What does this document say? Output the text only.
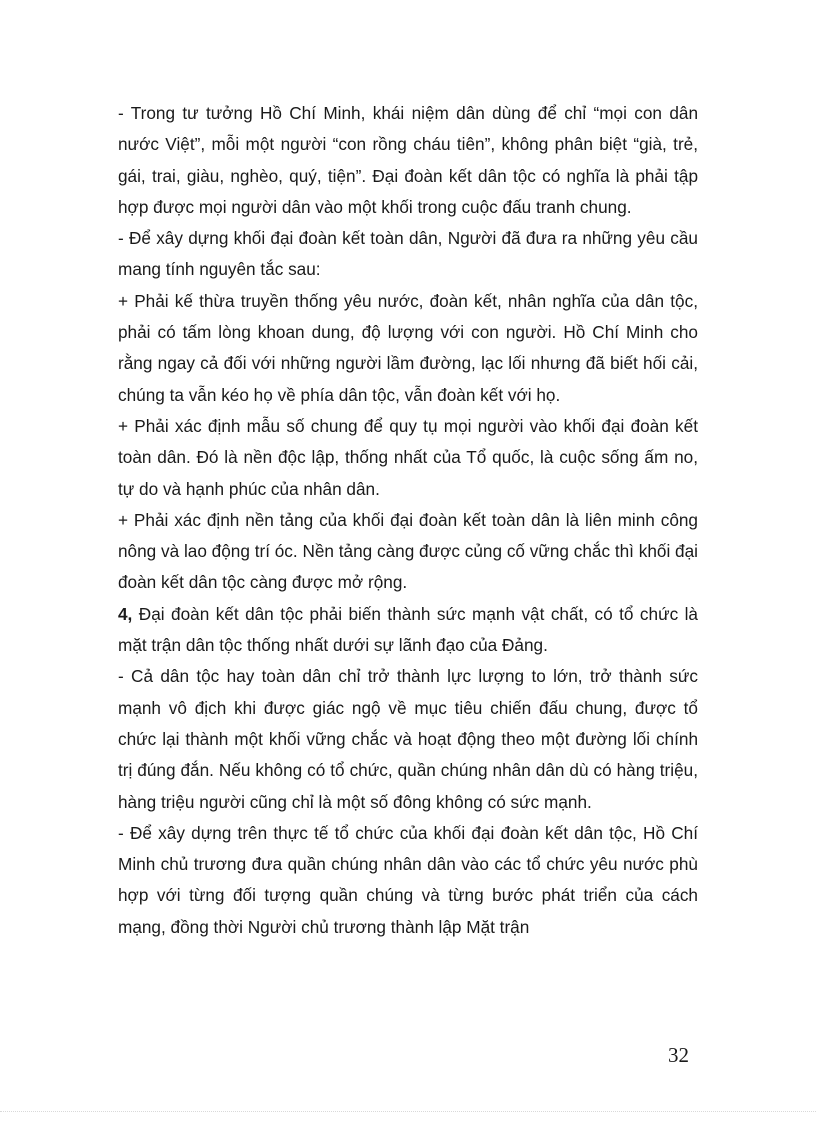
- Trong tư tưởng Hồ Chí Minh, khái niệm dân dùng để chỉ “mọi con dân nước Việt”, mỗi một người “con rồng cháu tiên”, không phân biệt “già, trẻ, gái, trai, giàu, nghèo, quý, tiện”. Đại đoàn kết dân tộc có nghĩa là phải tập hợp được mọi người dân vào một khối trong cuộc đấu tranh chung.

- Để xây dựng khối đại đoàn kết toàn dân, Người đã đưa ra những yêu cầu mang tính nguyên tắc sau:

+ Phải kế thừa truyền thống yêu nước, đoàn kết, nhân nghĩa của dân tộc, phải có tấm lòng khoan dung, độ lượng với con người. Hồ Chí Minh cho rằng ngay cả đối với những người lầm đường, lạc lối nhưng đã biết hối cải, chúng ta vẫn kéo họ về phía dân tộc, vẫn đoàn kết với họ.

+ Phải xác định mẫu số chung để quy tụ mọi người vào khối đại đoàn kết toàn dân. Đó là nền độc lập, thống nhất của Tổ quốc, là cuộc sống ấm no, tự do và hạnh phúc của nhân dân.

+ Phải xác định nền tảng của khối đại đoàn kết toàn dân là liên minh công nông và lao động trí óc. Nền tảng càng được củng cố vững chắc thì khối đại đoàn kết dân tộc càng được mở rộng.

4, Đại đoàn kết dân tộc phải biến thành sức mạnh vật chất, có tổ chức là mặt trận dân tộc thống nhất dưới sự lãnh đạo của Đảng.

- Cả dân tộc hay toàn dân chỉ trở thành lực lượng to lớn, trở thành sức mạnh vô địch khi được giác ngộ về mục tiêu chiến đấu chung, được tổ chức lại thành một khối vững chắc và hoạt động theo một đường lối chính trị đúng đắn. Nếu không có tổ chức, quần chúng nhân dân dù có hàng triệu, hàng triệu người cũng chỉ là một số đông không có sức mạnh.

- Để xây dựng trên thực tế tổ chức của khối đại đoàn kết dân tộc, Hồ Chí Minh chủ trương đưa quần chúng nhân dân vào các tổ chức yêu nước phù hợp với từng đối tượng quần chúng và từng bước phát triển của cách mạng, đồng thời Người chủ trương thành lập Mặt trận

32
